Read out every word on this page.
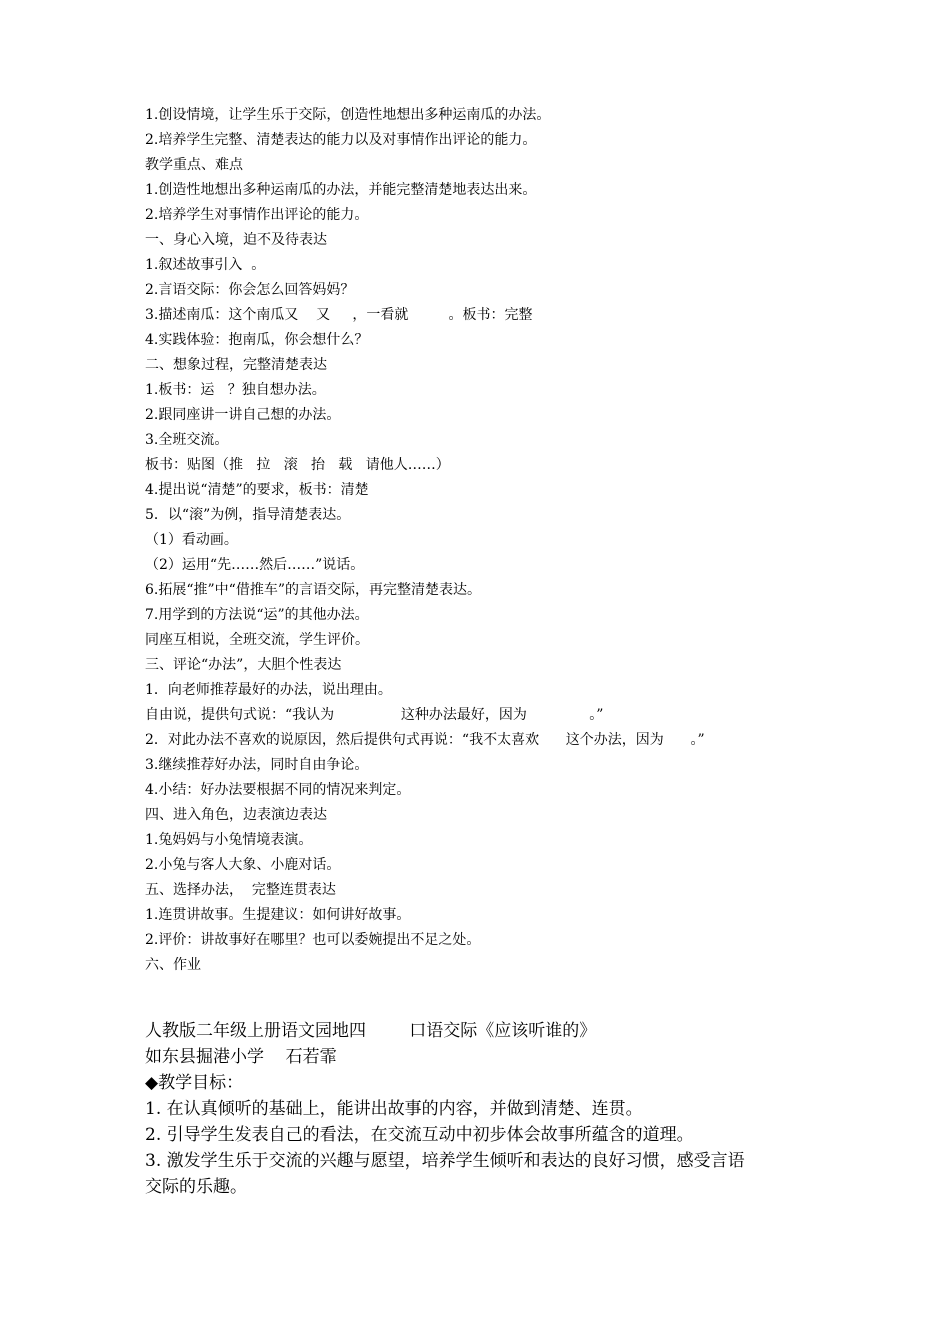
1.创设情境，让学生乐于交际，创造性地想出多种运南瓜的办法。
2.培养学生完整、清楚表达的能力以及对事情作出评论的能力。
教学重点、难点
1.创造性地想出多种运南瓜的办法，并能完整清楚地表达出来。
2.培养学生对事情作出评论的能力。
一、身心入境，迫不及待表达
1.叙述故事引入  。
2.言语交际：你会怎么回答妈妈？
3.描述南瓜：这个南瓜又    又     ，一看就         。板书：完整
4.实践体验：抱南瓜，你会想什么？
二、想象过程，完整清楚表达
1.板书：运   ？独自想办法。
2.跟同座讲一讲自己想的办法。
3.全班交流。
板书：贴图（推   拉   滚   抬   载   请他人……）
4.提出说“清楚”的要求，板书：清楚
5．以“滚”为例，指导清楚表达。
（1）看动画。
（2）运用“先……然后……”说话。
6.拓展“推”中“借推车”的言语交际，再完整清楚表达。
7.用学到的方法说“运”的其他办法。
同座互相说，全班交流，学生评价。
三、评论“办法”，大胆个性表达
1．向老师推荐最好的办法，说出理由。
自由说，提供句式说：“我认为               这种办法最好，因为              。”
2．对此办法不喜欢的说原因，然后提供句式再说：“我不太喜欢      这个办法，因为      。”
3.继续推荐好办法，同时自由争论。
4.小结：好办法要根据不同的情况来判定。
四、进入角色，边表演边表达
1.兔妈妈与小兔情境表演。
2.小兔与客人大象、小鹿对话。
五、选择办法，  完整连贯表达
1.连贯讲故事。生提建议：如何讲好故事。
2.评价：讲故事好在哪里？也可以委婉提出不足之处。
六、作业
人教版二年级上册语文园地四        口语交际《应该听谁的》
如东县掘港小学    石若霏
◆教学目标：
1. 在认真倾听的基础上，能讲出故事的内容，并做到清楚、连贯。
2. 引导学生发表自己的看法，在交流互动中初步体会故事所蕴含的道理。
3. 激发学生乐于交流的兴趣与愿望，培养学生倾听和表达的良好习惯，感受言语
交际的乐趣。
